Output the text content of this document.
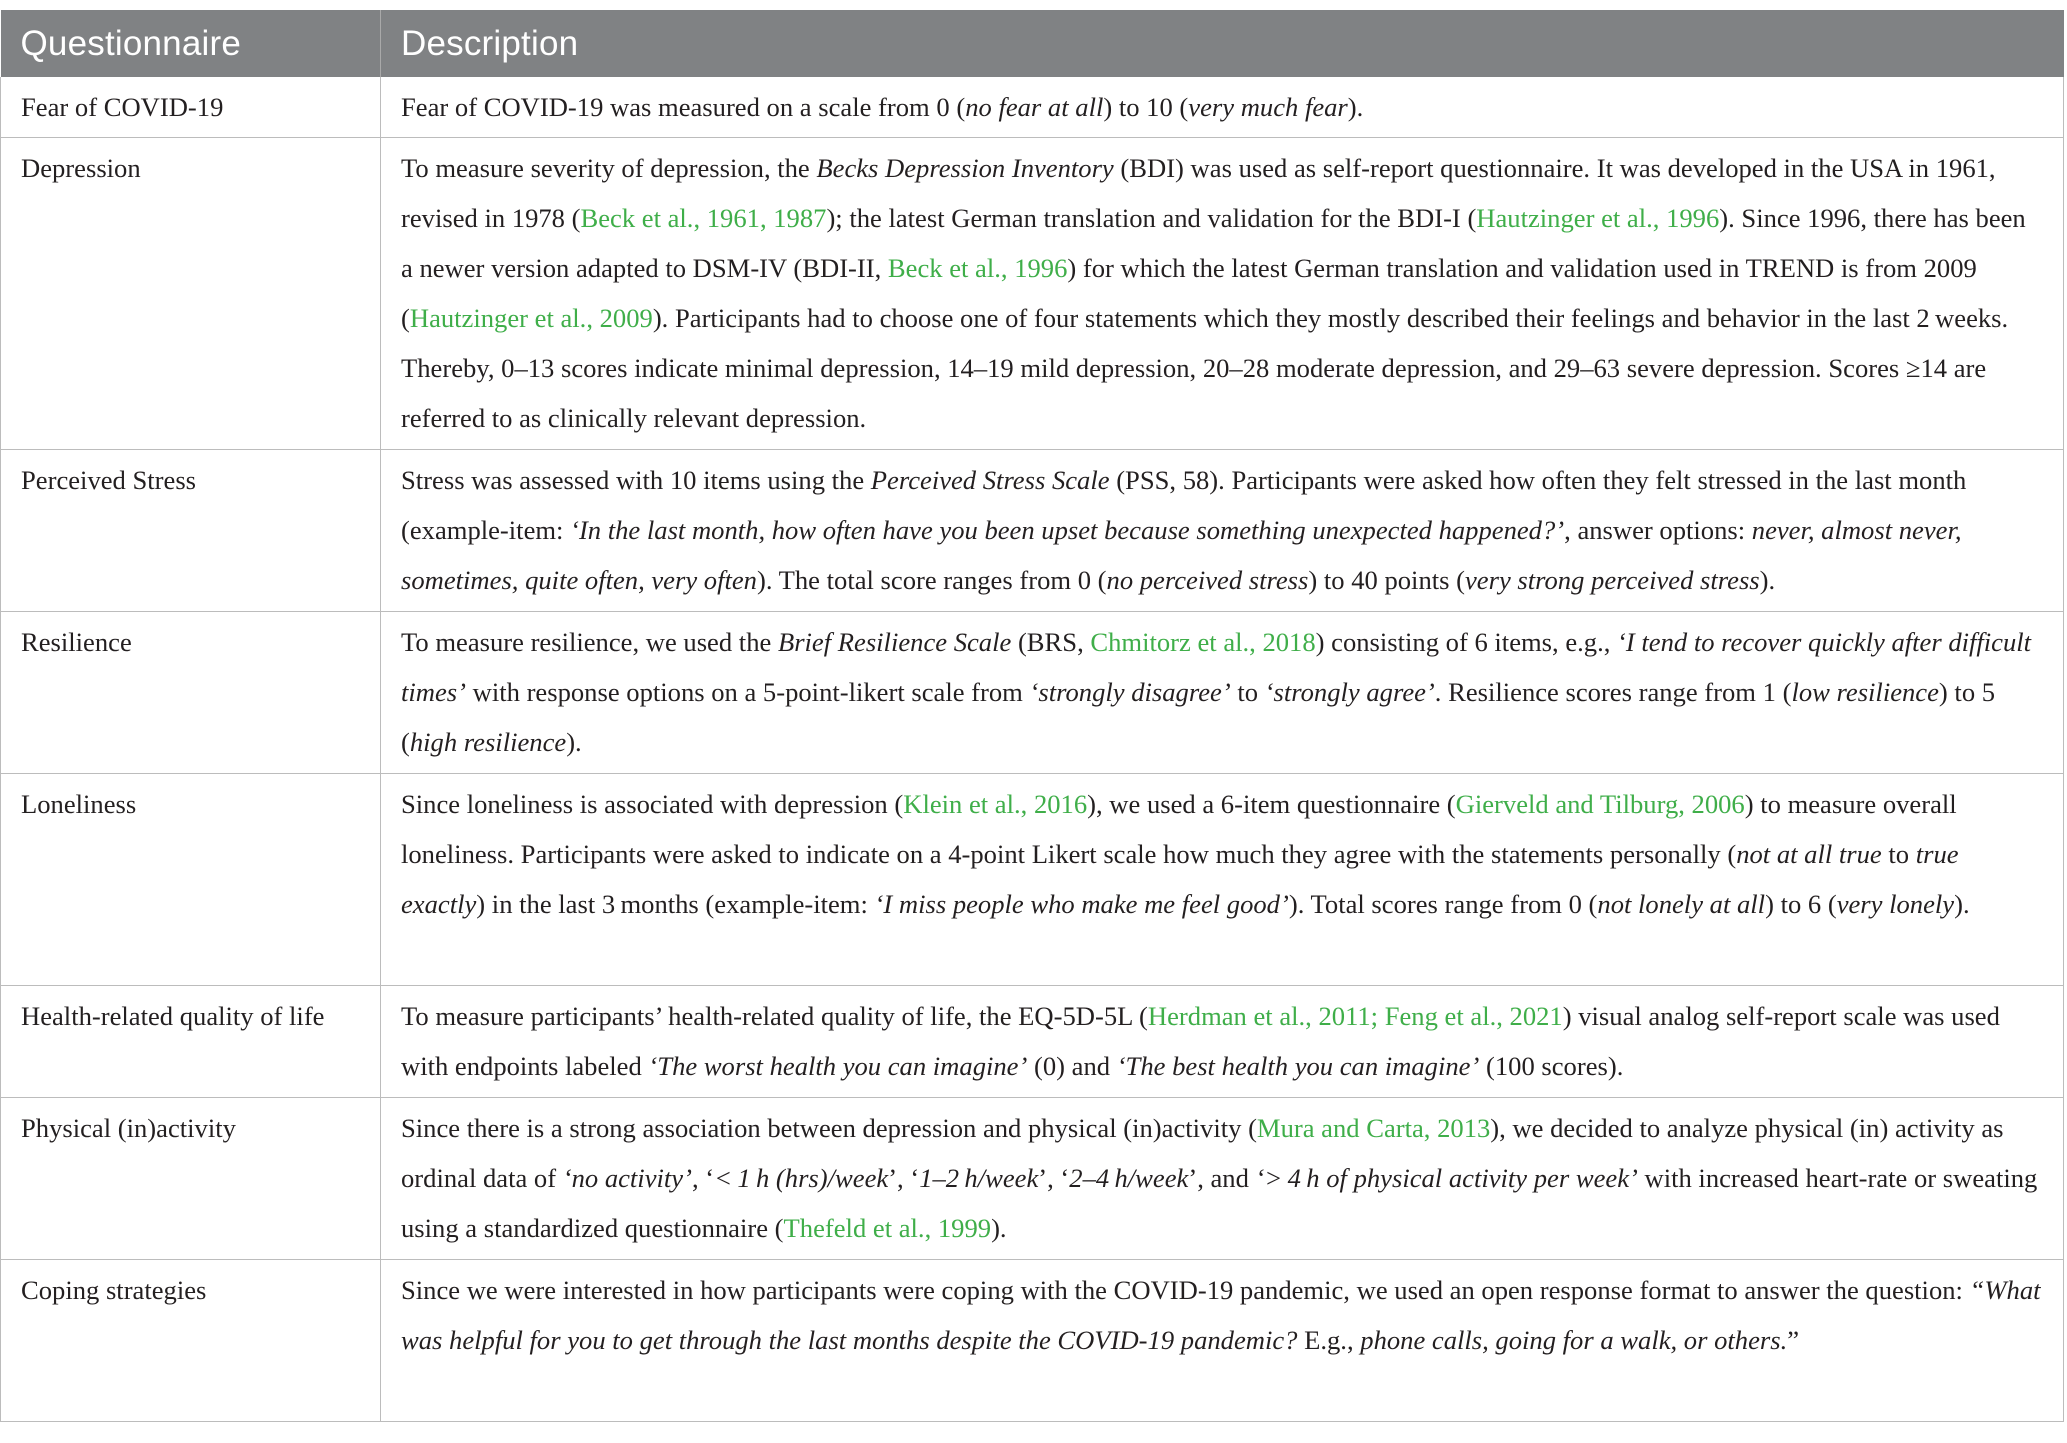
Questionnaire	Description

Fear of COVID-19	Fear of COVID-19 was measured on a scale from 0 (no fear at all) to 10 (very much fear).

Depression	To measure severity of depression, the Becks Depression Inventory (BDI) was used as self-report questionnaire. It was developed in the USA in 1961, revised in 1978 (Beck et al., 1961, 1987); the latest German translation and validation for the BDI-I (Hautzinger et al., 1996). Since 1996, there has been a newer version adapted to DSM-IV (BDI-II, Beck et al., 1996) for which the latest German translation and validation used in TREND is from 2009 (Hautzinger et al., 2009). Participants had to choose one of four statements which they mostly described their feelings and behavior in the last 2 weeks. Thereby, 0–13 scores indicate minimal depression, 14–19 mild depression, 20–28 moderate depression, and 29–63 severe depression. Scores ≥14 are referred to as clinically relevant depression.

Perceived Stress	Stress was assessed with 10 items using the Perceived Stress Scale (PSS, 58). Participants were asked how often they felt stressed in the last month (example-item: ‘In the last month, how often have you been upset because something unexpected happened?’, answer options: never, almost never, sometimes, quite often, very often). The total score ranges from 0 (no perceived stress) to 40 points (very strong perceived stress).

Resilience	To measure resilience, we used the Brief Resilience Scale (BRS, Chmitorz et al., 2018) consisting of 6 items, e.g., ‘I tend to recover quickly after difficult times’ with response options on a 5-point-likert scale from ‘strongly disagree’ to ‘strongly agree’. Resilience scores range from 1 (low resilience) to 5 (high resilience).

Loneliness	Since loneliness is associated with depression (Klein et al., 2016), we used a 6-item questionnaire (Gierveld and Tilburg, 2006) to measure overall loneliness. Participants were asked to indicate on a 4-point Likert scale how much they agree with the statements personally (not at all true to true exactly) in the last 3 months (example-item: ‘I miss people who make me feel good’). Total scores range from 0 (not lonely at all) to 6 (very lonely).

Health-related quality of life	To measure participants’ health-related quality of life, the EQ-5D-5L (Herdman et al., 2011; Feng et al., 2021) visual analog self-report scale was used with endpoints labeled ‘The worst health you can imagine’ (0) and ‘The best health you can imagine’ (100 scores).

Physical (in)activity	Since there is a strong association between depression and physical (in)activity (Mura and Carta, 2013), we decided to analyze physical (in) activity as ordinal data of ‘no activity’, ‘< 1 h (hrs)/week’, ‘1–2 h/week’, ‘2–4 h/week’, and ‘> 4 h of physical activity per week’ with increased heart-rate or sweating using a standardized questionnaire (Thefeld et al., 1999).

Coping strategies	Since we were interested in how participants were coping with the COVID-19 pandemic, we used an open response format to answer the question: “What was helpful for you to get through the last months despite the COVID-19 pandemic? E.g., phone calls, going for a walk, or others.”
